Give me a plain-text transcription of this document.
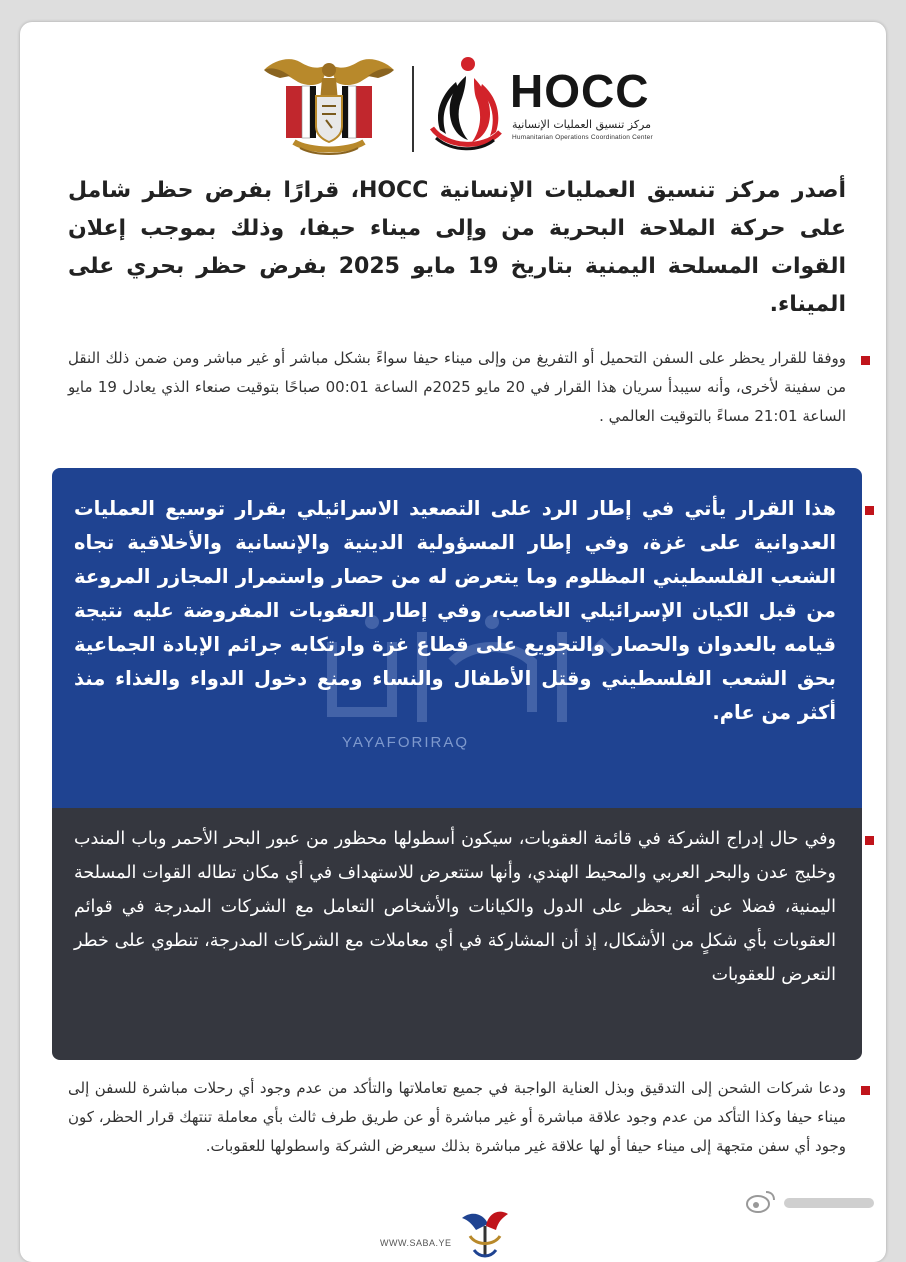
HOCC
مركز تنسيق العمليات الإنسانية
Humanitarian Operations Coordination Center

أصدر مركز تنسيق العمليات الإنسانية HOCC، قرارًا بفرض حظر شامل على حركة الملاحة البحرية من وإلى ميناء حيفا، وذلك بموجب إعلان القوات المسلحة اليمنية بتاريخ 19 مايو 2025 بفرض حظر بحري على الميناء.

ووفقا للقرار يحظر على السفن التحميل أو التفريغ من وإلى ميناء حيفا سواءً بشكل مباشر أو غير مباشر ومن ضمن ذلك النقل من سفينة لأخرى، وأنه سيبدأ سريان هذا القرار في 20 مايو 2025م الساعة 00:01 صباحًا بتوقيت صنعاء الذي يعادل 19 مايو الساعة 21:01 مساءً بالتوقيت العالمي .
YAYAFORIRAQ
هذا القرار يأتي في إطار الرد على التصعيد الاسرائيلي بقرار توسيع العمليات العدوانية على غزة، وفي إطار المسؤولية الدينية والإنسانية والأخلاقية تجاه الشعب الفلسطيني المظلوم وما يتعرض له من حصار واستمرار المجازر المروعة من قبل الكيان الإسرائيلي الغاصب، وفي إطار العقوبات المفروضة عليه نتيجة قيامه بالعدوان والحصار والتجويع على قطاع غزة وارتكابه جرائم الإبادة الجماعية بحق الشعب الفلسطيني وقتل الأطفال والنساء ومنع دخول الدواء والغذاء منذ أكثر من عام.
وفي حال إدراج الشركة في قائمة العقوبات، سيكون أسطولها محظور من عبور البحر الأحمر وباب المندب وخليج عدن والبحر العربي والمحيط الهندي، وأنها ستتعرض للاستهداف في أي مكان تطاله القوات المسلحة اليمنية، فضلا عن أنه يحظر على الدول والكيانات والأشخاص التعامل مع الشركات المدرجة في قوائم العقوبات بأي شكلٍ من الأشكال، إذ أن المشاركة في أي معاملات مع الشركات المدرجة، تنطوي على خطر التعرض للعقوبات
ودعا شركات الشحن إلى التدقيق وبذل العناية الواجبة في جميع تعاملاتها والتأكد من عدم وجود أي رحلات مباشرة للسفن إلى ميناء حيفا وكذا التأكد من عدم وجود علاقة مباشرة أو غير مباشرة أو عن طريق طرف ثالث بأي معاملة تنتهك قرار الحظر، كون وجود أي سفن متجهة إلى ميناء حيفا أو لها علاقة غير مباشرة بذلك سيعرض الشركة واسطولها للعقوبات.
WWW.SABA.YE
